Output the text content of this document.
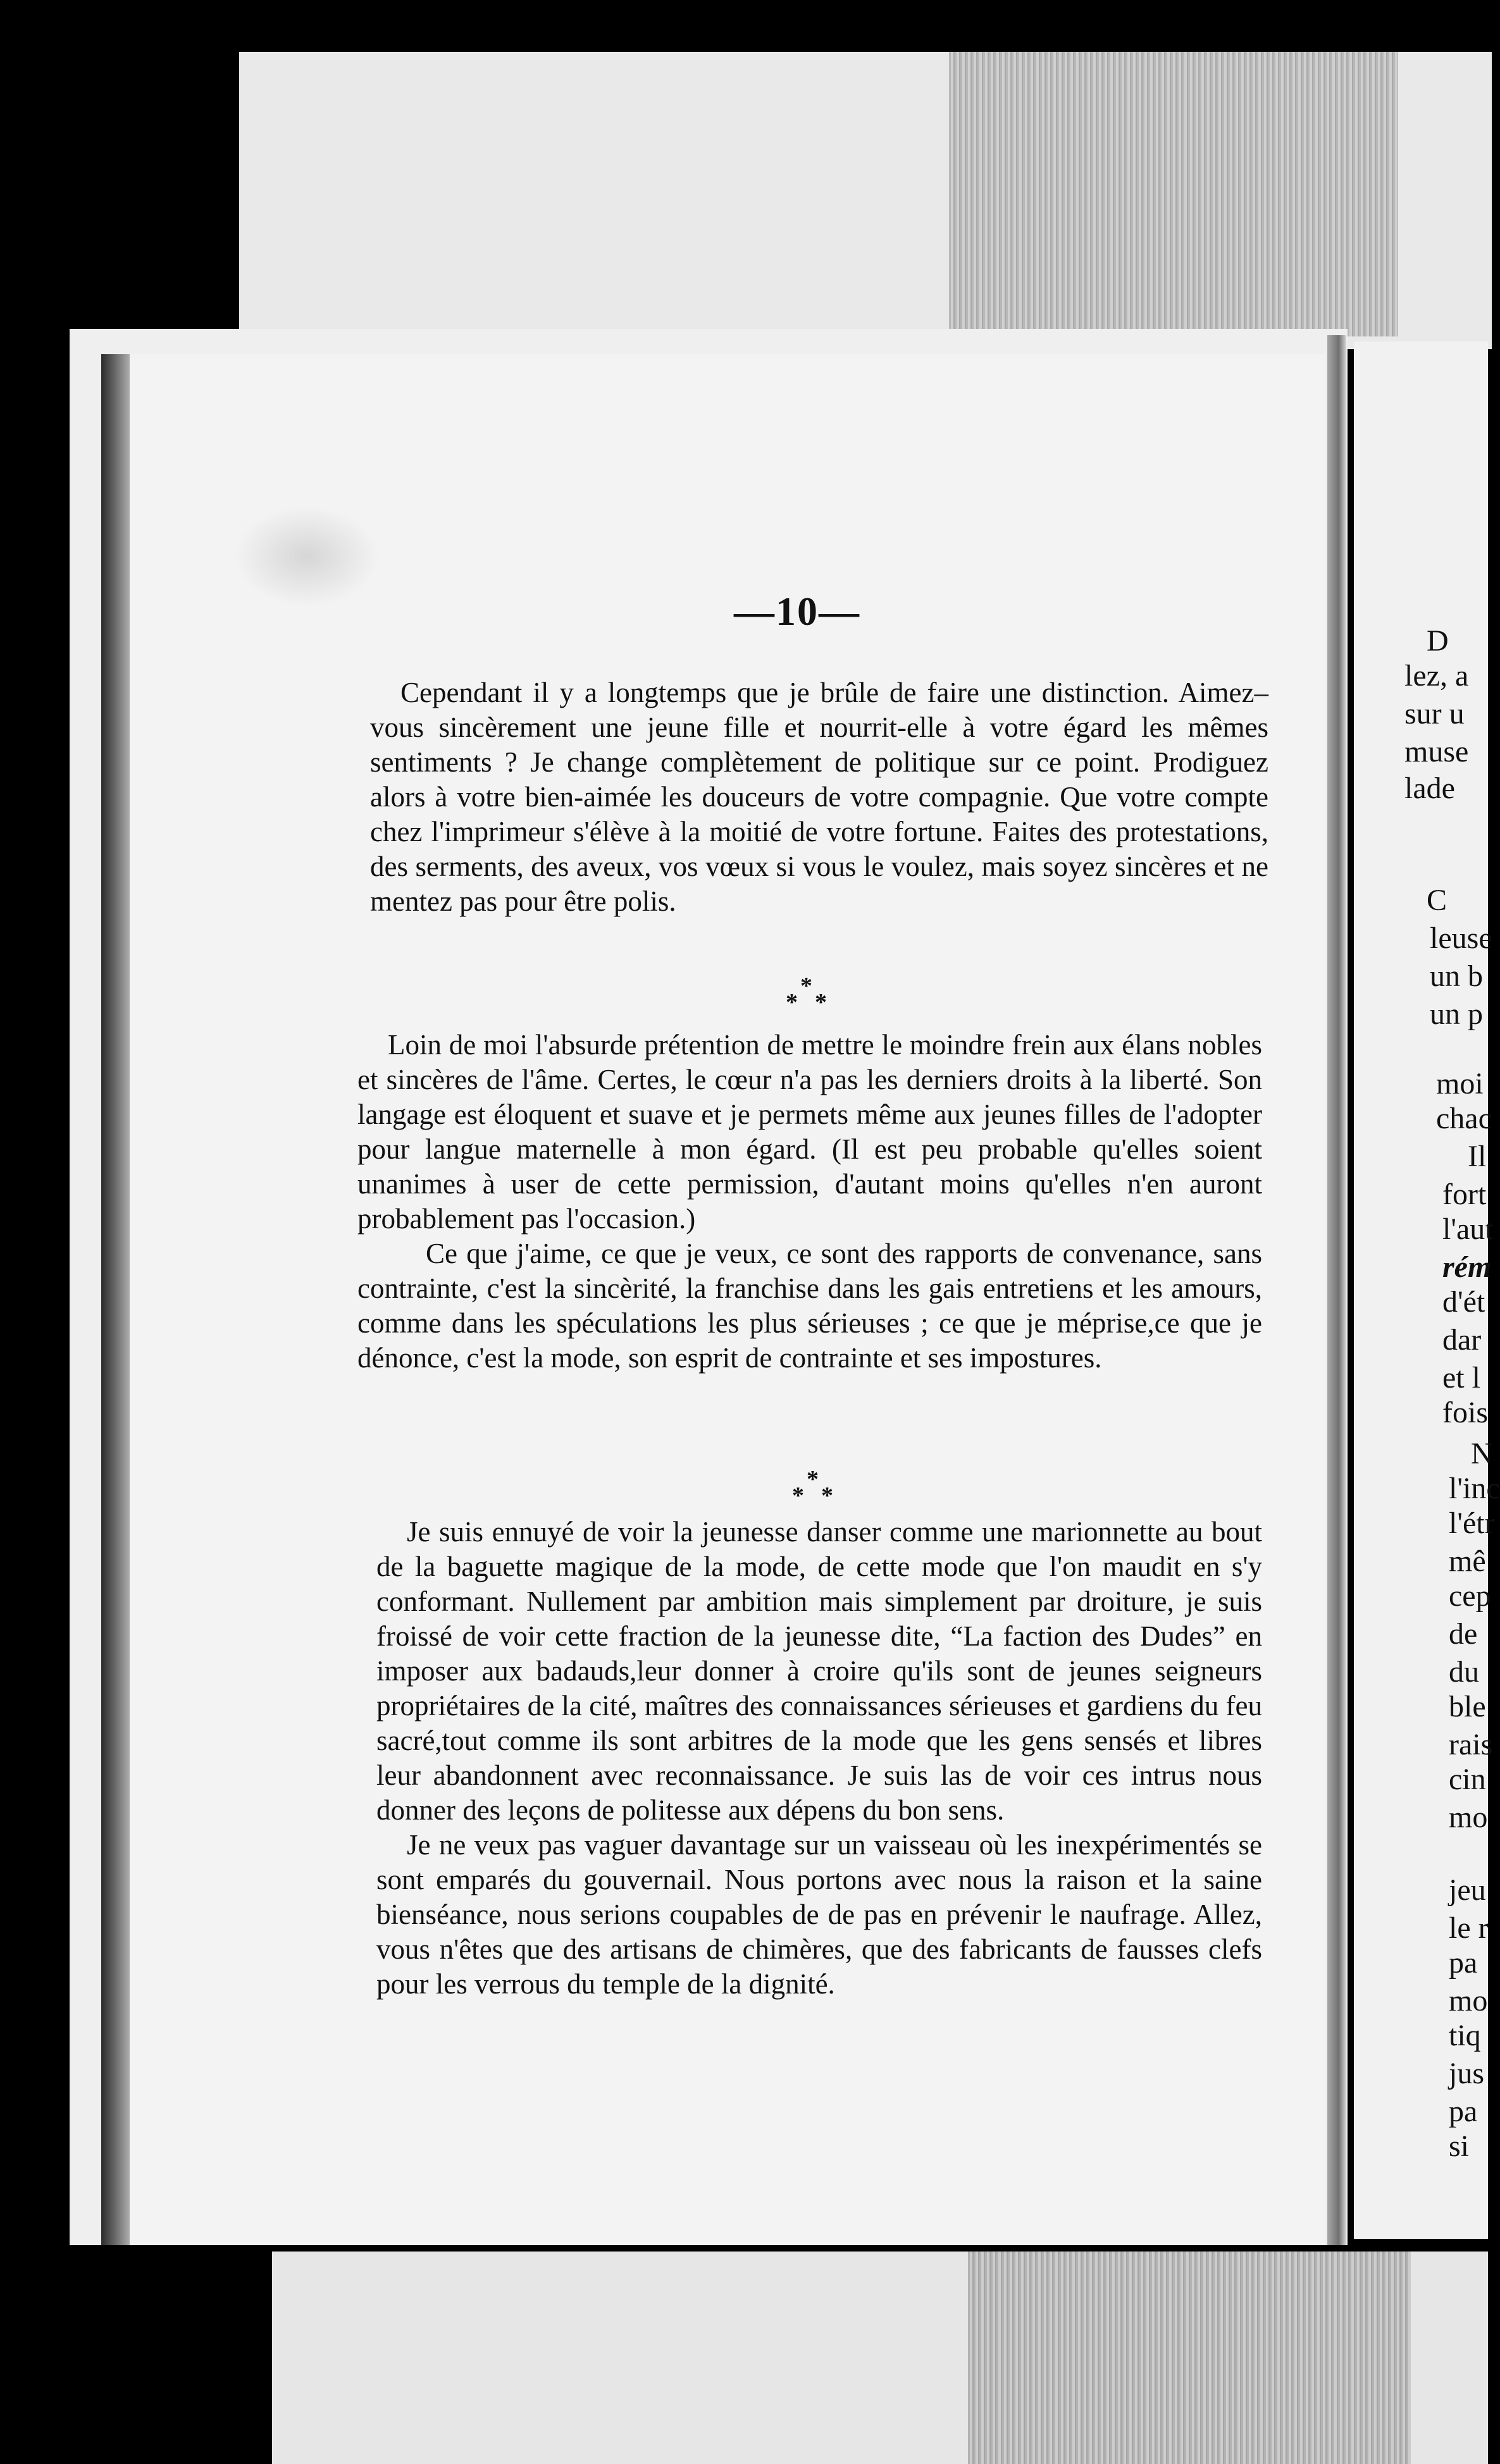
D
lez, a
sur u
muse
lade
C
leuse
un b
un p
moi
chac
Il
fort
l'aut
rém
d'ét
dar
et l
fois
N
l'inc
l'étr
mê
cep
de
du
ble
rais
cin
mo
jeu
le r
pa
mo
tiq
jus
pa
si
—10—

Cependant il y a longtemps que je brûle de faire une distinction. Aimez–vous sincèrement une jeune fille et nourrit-elle à votre égard les mêmes sentiments ? Je change complètement de politique sur ce point. Prodiguez alors à votre bien-aimée les douceurs de votre compagnie. Que votre compte chez l'imprimeur s'élève à la moitié de votre fortune. Faites des protestations, des serments, des aveux, vos vœux si vous le voulez, mais soyez sincères et ne mentez pas pour être polis.

*
* *

Loin de moi l'absurde prétention de mettre le moindre frein aux élans nobles et sincères de l'âme. Certes, le cœur n'a pas les derniers droits à la liberté. Son langage est éloquent et suave et je permets même aux jeunes filles de l'adopter pour langue maternelle à mon égard. (Il est peu probable qu'elles soient unanimes à user de cette permission, d'autant moins qu'elles n'en auront probablement pas l'occasion.)

Ce que j'aime, ce que je veux, ce sont des rapports de convenance, sans contrainte, c'est la sincèrité, la franchise dans les gais entretiens et les amours, comme dans les spéculations les plus sérieuses ; ce que je méprise,ce que je dénonce, c'est la mode, son esprit de contrainte et ses impostures.

*
* *

Je suis ennuyé de voir la jeunesse danser comme une marionnette au bout de la baguette magique de la mode, de cette mode que l'on maudit en s'y conformant. Nullement par ambition mais simplement par droiture, je suis froissé de voir cette fraction de la jeunesse dite, “La faction des Dudes” en imposer aux badauds,leur donner à croire qu'ils sont de jeunes seigneurs propriétaires de la cité, maîtres des connaissances sérieuses et gardiens du feu sacré,tout comme ils sont arbitres de la mode que les gens sensés et libres leur abandonnent avec reconnaissance. Je suis las de voir ces intrus nous donner des leçons de politesse aux dépens du bon sens.

Je ne veux pas vaguer davantage sur un vaisseau où les inexpérimentés se sont emparés du gouvernail. Nous portons avec nous la raison et la saine bienséance, nous serions coupables de de pas en prévenir le naufrage. Allez, vous n'êtes que des artisans de chimères, que des fabricants de fausses clefs pour les verrous du temple de la dignité.
